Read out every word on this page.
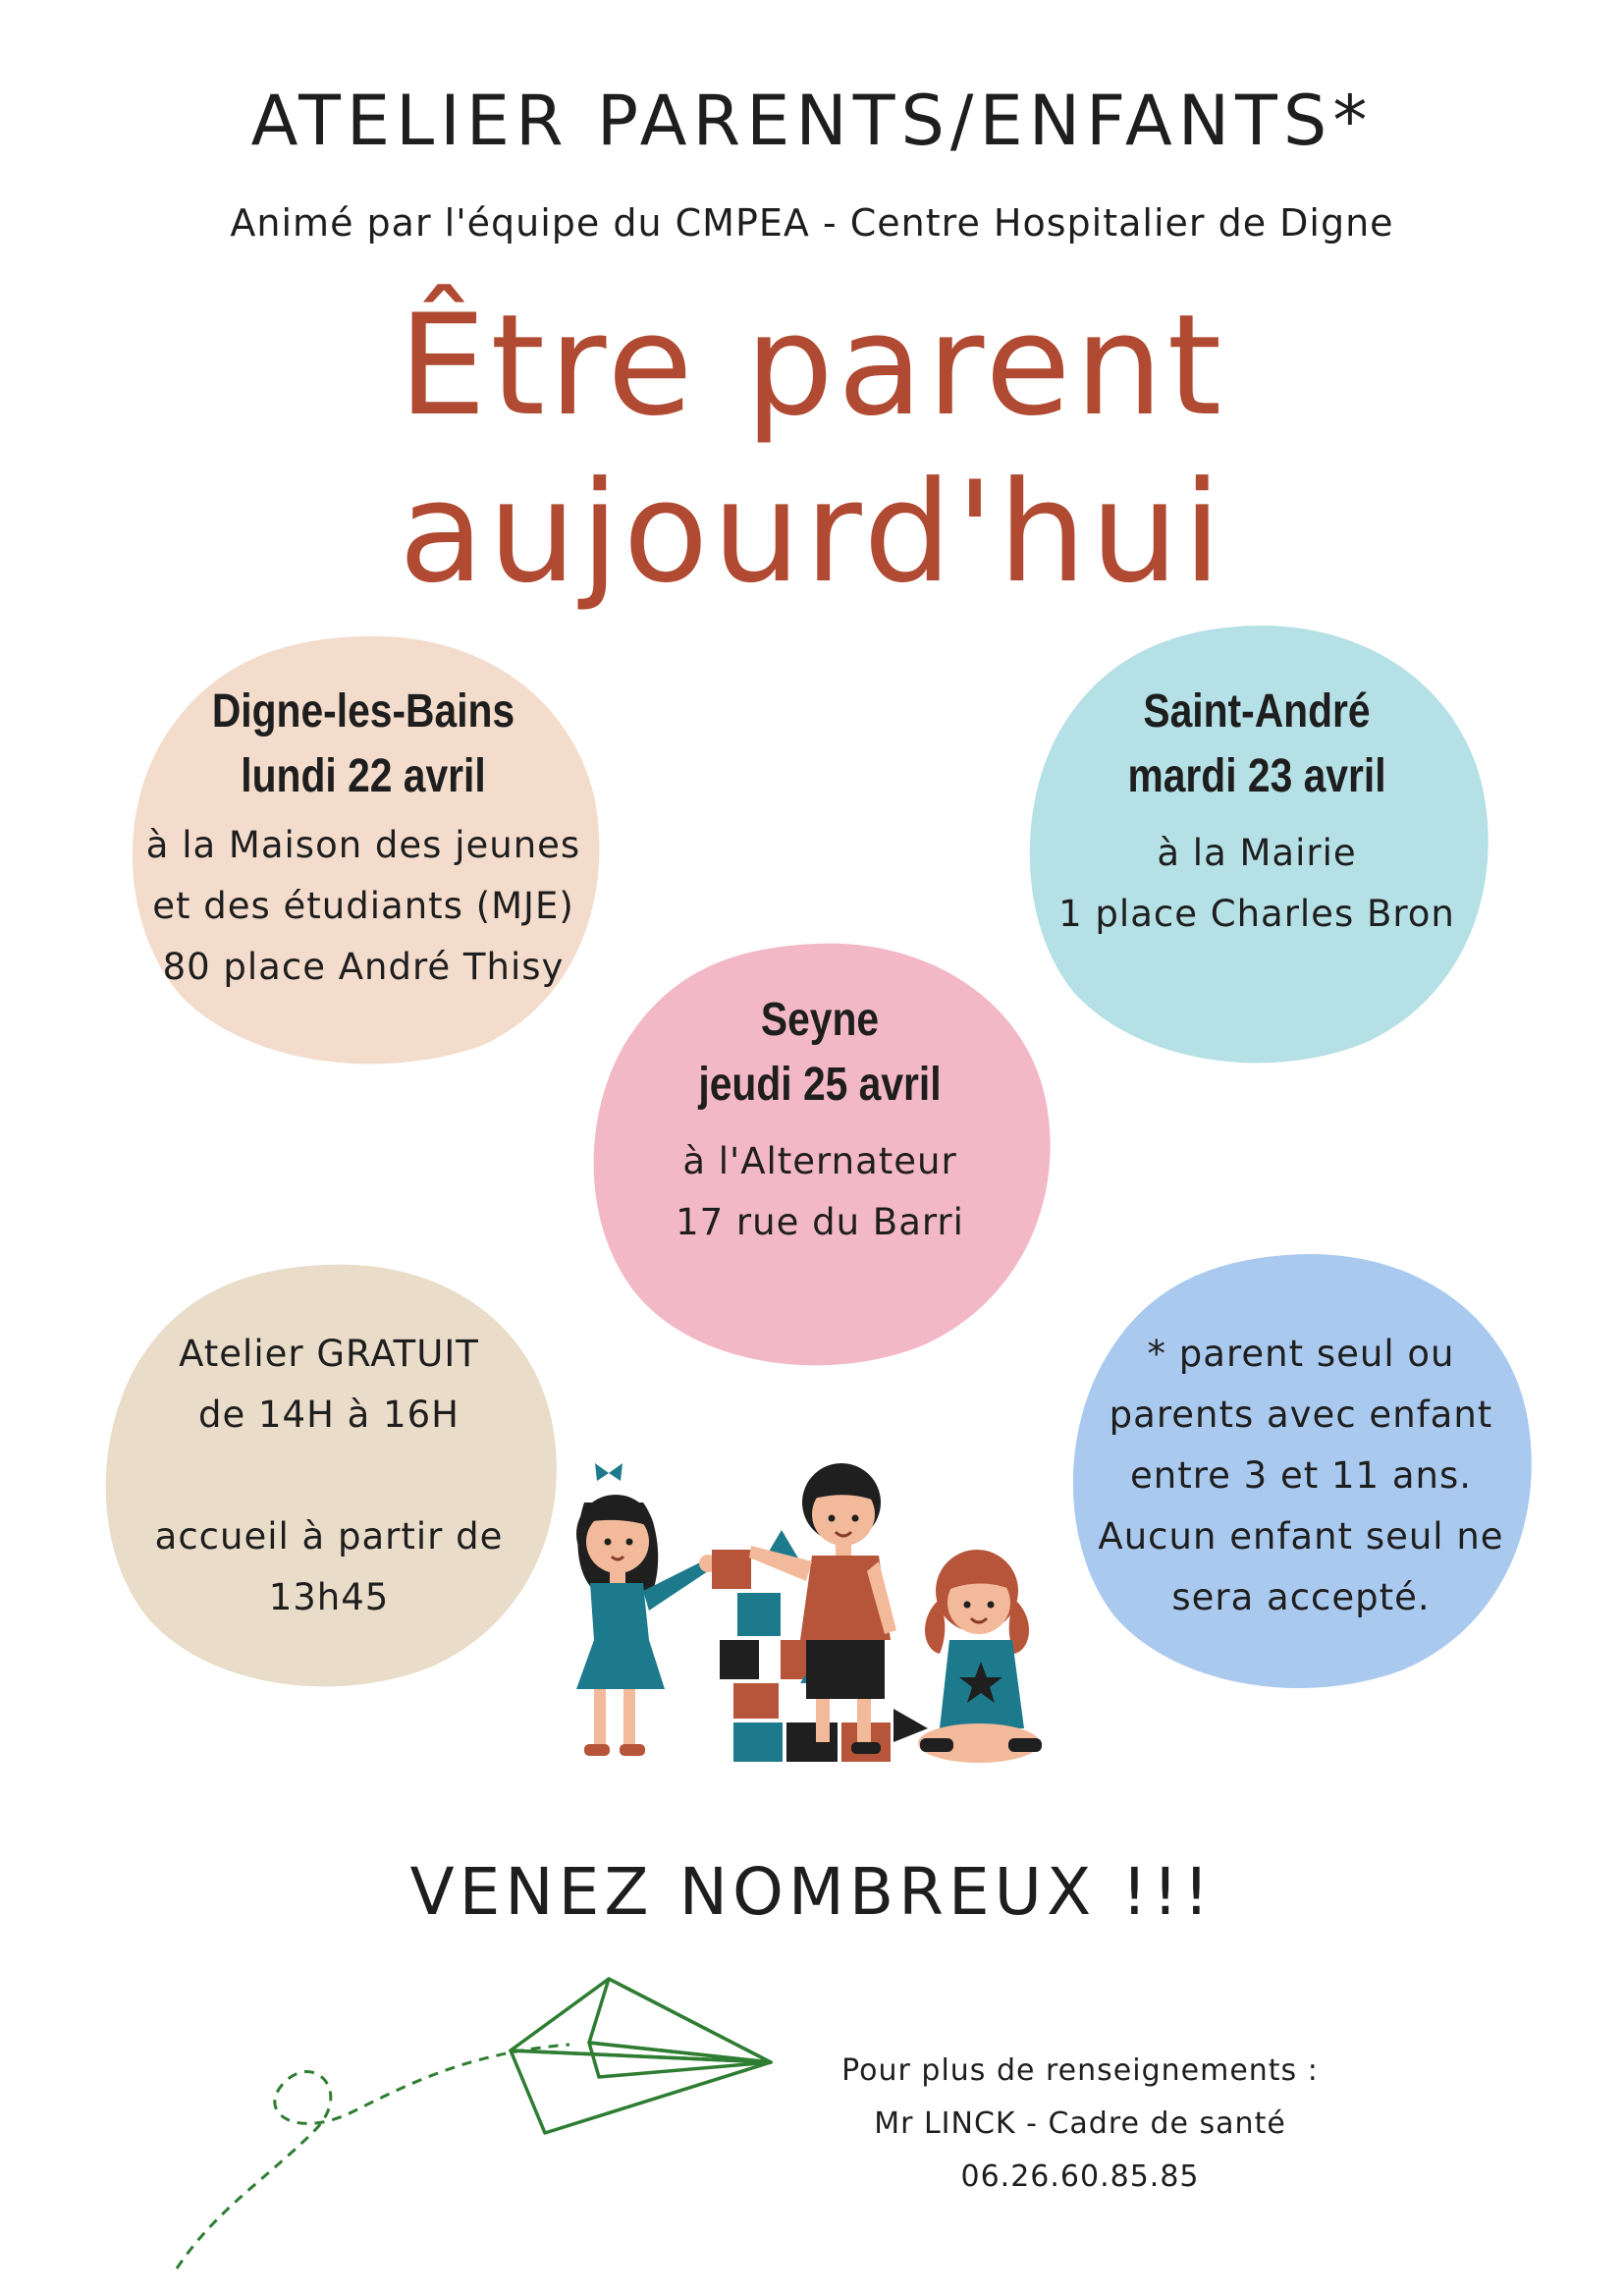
ATELIER PARENTS/ENFANTS*
Animé par l'équipe du CMPEA - Centre Hospitalier de Digne
Être parent
aujourd'hui
Digne-les-Bains
lundi 22 avril
à la Maison des jeunes
et des étudiants (MJE)
80 place André Thisy
Saint-André
mardi 23 avril
à la Mairie
1 place Charles Bron
Seyne
jeudi 25 avril
à l'Alternateur
17 rue du Barri
Atelier GRATUIT
de 14H à 16H
accueil à partir de
13h45
* parent seul ou
parents avec enfant
entre 3 et 11 ans.
Aucun enfant seul ne
sera accepté.
VENEZ NOMBREUX !!!
Pour plus de renseignements :
Mr LINCK - Cadre de santé
06.26.60.85.85
